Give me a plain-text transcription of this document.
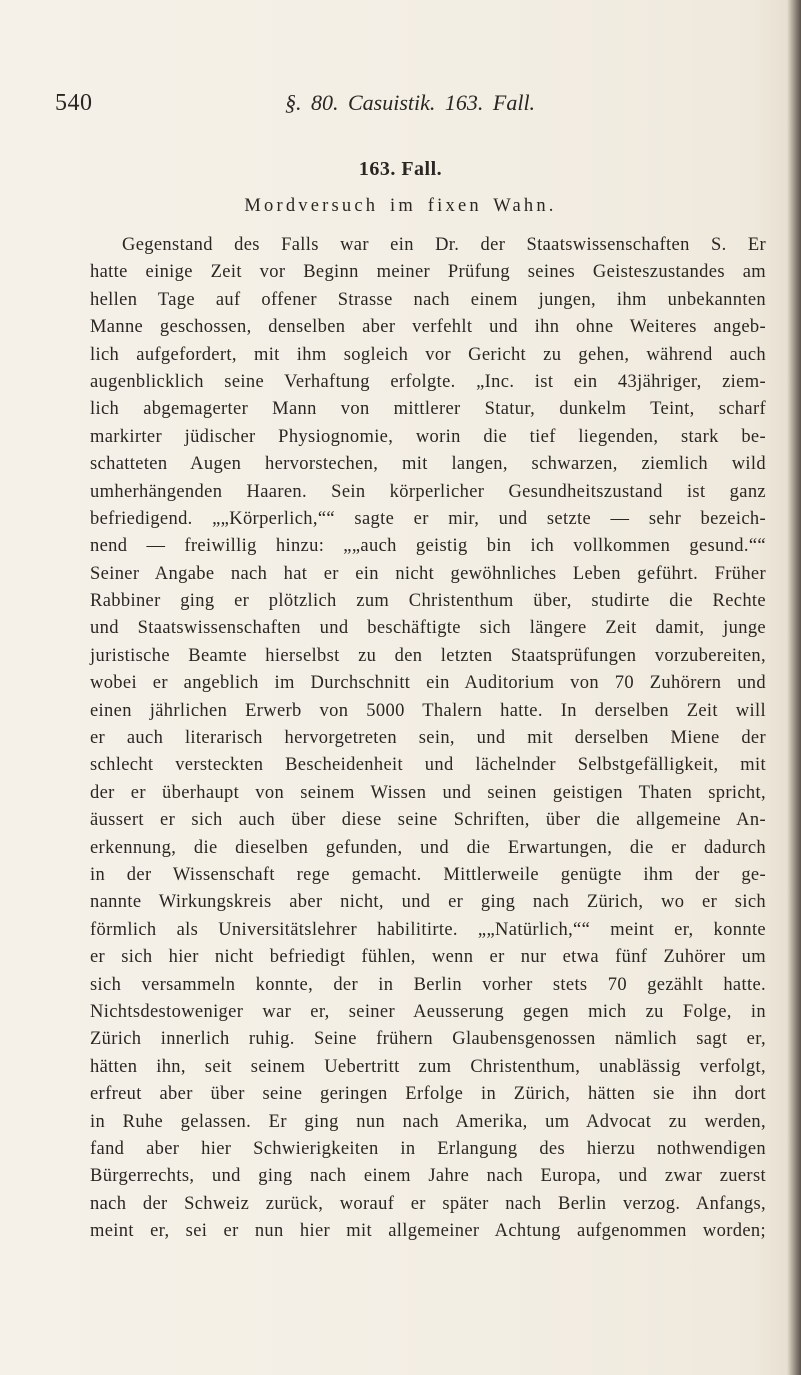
540	§. 80. Casuistik. 163. Fall.
163. Fall.
Mordversuch im fixen Wahn.
Gegenstand des Falls war ein Dr. der Staatswissenschaften S. Er
hatte einige Zeit vor Beginn meiner Prüfung seines Geisteszustandes am
hellen Tage auf offener Strasse nach einem jungen, ihm unbekannten
Manne geschossen, denselben aber verfehlt und ihn ohne Weiteres angeb-
lich aufgefordert, mit ihm sogleich vor Gericht zu gehen, während auch
augenblicklich seine Verhaftung erfolgte. „Inc. ist ein 43jähriger, ziem-
lich abgemagerter Mann von mittlerer Statur, dunkelm Teint, scharf
markirter jüdischer Physiognomie, worin die tief liegenden, stark be-
schatteten Augen hervorstechen, mit langen, schwarzen, ziemlich wild
umherhängenden Haaren. Sein körperlicher Gesundheitszustand ist ganz
befriedigend. „„Körperlich,““ sagte er mir, und setzte — sehr bezeich-
nend — freiwillig hinzu: „„auch geistig bin ich vollkommen gesund.““
Seiner Angabe nach hat er ein nicht gewöhnliches Leben geführt. Früher
Rabbiner ging er plötzlich zum Christenthum über, studirte die Rechte
und Staatswissenschaften und beschäftigte sich längere Zeit damit, junge
juristische Beamte hierselbst zu den letzten Staatsprüfungen vorzubereiten,
wobei er angeblich im Durchschnitt ein Auditorium von 70 Zuhörern und
einen jährlichen Erwerb von 5000 Thalern hatte. In derselben Zeit will
er auch literarisch hervorgetreten sein, und mit derselben Miene der
schlecht versteckten Bescheidenheit und lächelnder Selbstgefälligkeit, mit
der er überhaupt von seinem Wissen und seinen geistigen Thaten spricht,
äussert er sich auch über diese seine Schriften, über die allgemeine An-
erkennung, die dieselben gefunden, und die Erwartungen, die er dadurch
in der Wissenschaft rege gemacht. Mittlerweile genügte ihm der ge-
nannte Wirkungskreis aber nicht, und er ging nach Zürich, wo er sich
förmlich als Universitätslehrer habilitirte. „„Natürlich,““ meint er, konnte
er sich hier nicht befriedigt fühlen, wenn er nur etwa fünf Zuhörer um
sich versammeln konnte, der in Berlin vorher stets 70 gezählt hatte.
Nichtsdestoweniger war er, seiner Aeusserung gegen mich zu Folge, in
Zürich innerlich ruhig. Seine frühern Glaubensgenossen nämlich sagt er,
hätten ihn, seit seinem Uebertritt zum Christenthum, unablässig verfolgt,
erfreut aber über seine geringen Erfolge in Zürich, hätten sie ihn dort
in Ruhe gelassen. Er ging nun nach Amerika, um Advocat zu werden,
fand aber hier Schwierigkeiten in Erlangung des hierzu nothwendigen
Bürgerrechts, und ging nach einem Jahre nach Europa, und zwar zuerst
nach der Schweiz zurück, worauf er später nach Berlin verzog. Anfangs,
meint er, sei er nun hier mit allgemeiner Achtung aufgenommen worden;
